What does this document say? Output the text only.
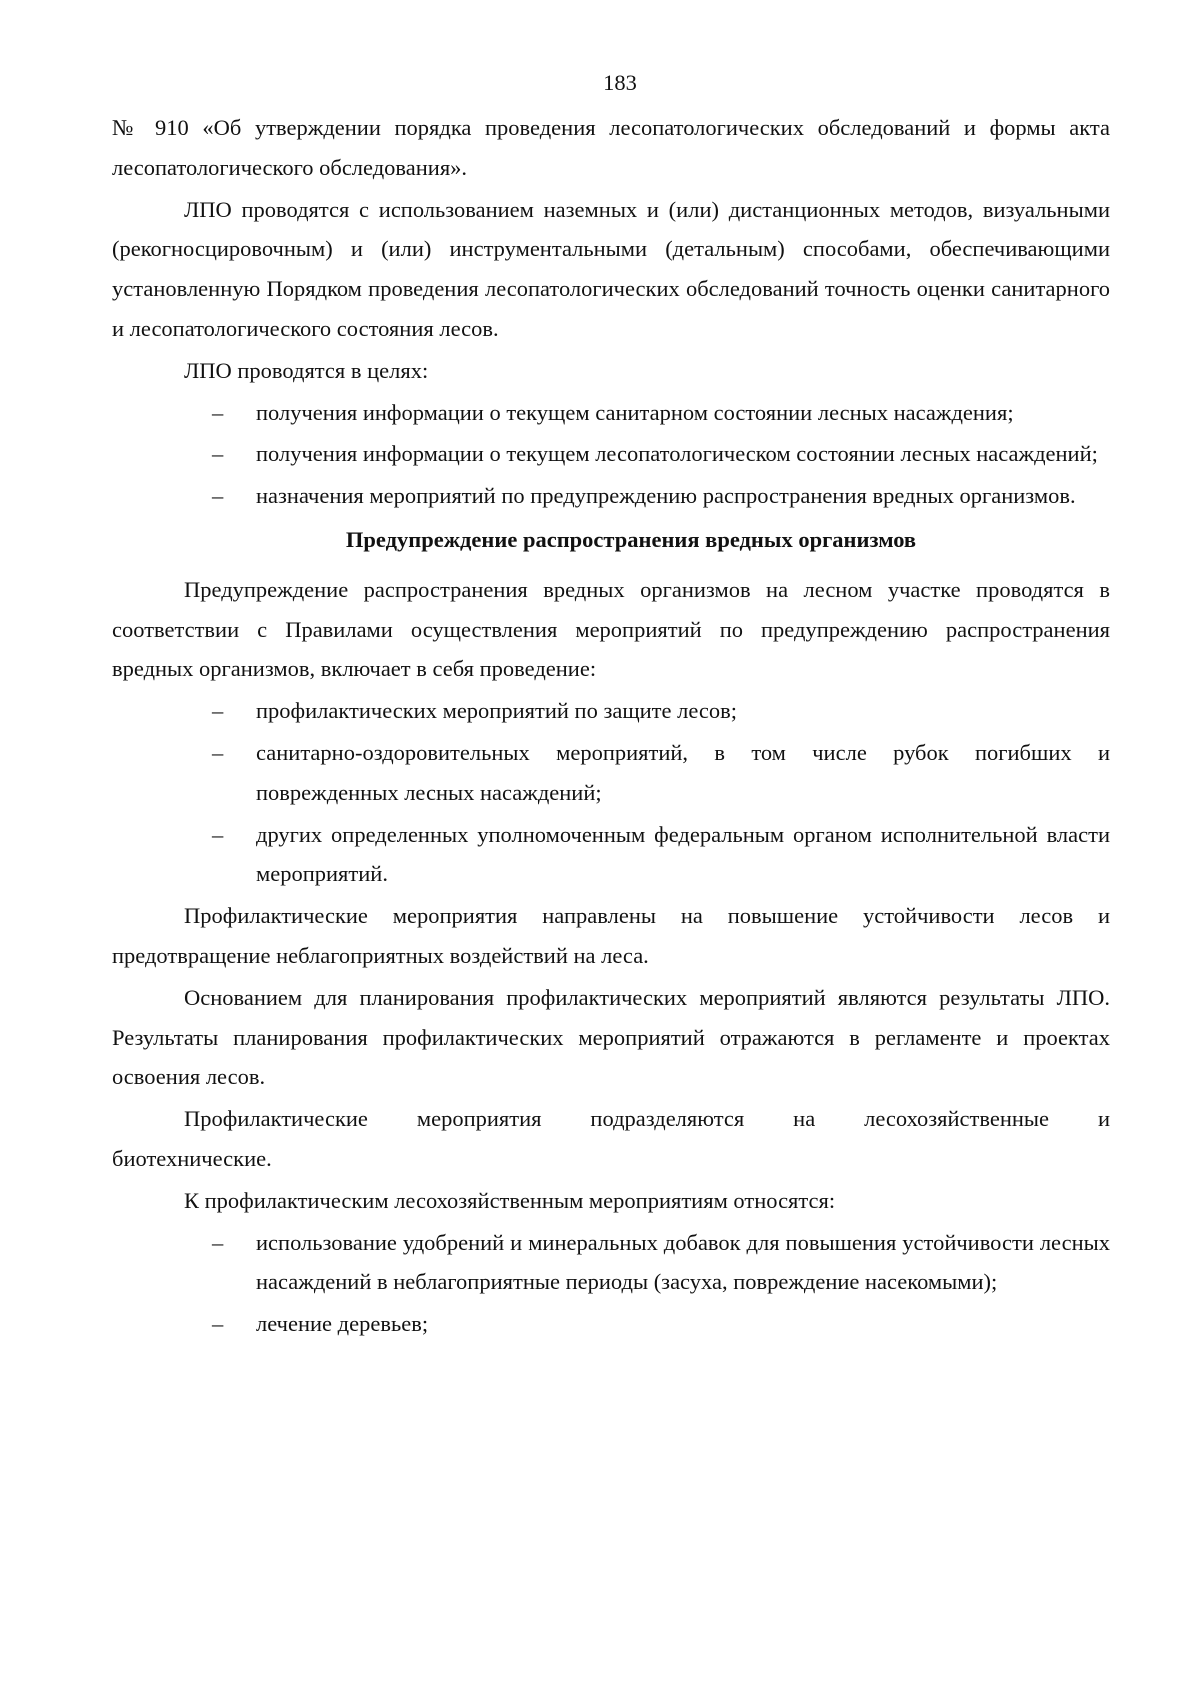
183

№ 910 «Об утверждении порядка проведения лесопатологических обследований и формы акта лесопатологического обследования».

ЛПО проводятся с использованием наземных и (или) дистанционных методов, визуальными (рекогносцировочным) и (или) инструментальными (детальным) способами, обеспечивающими установленную Порядком проведения лесопатологических обследований точность оценки санитарного и лесопатологического состояния лесов.

ЛПО проводятся в целях:

– получения информации о текущем санитарном состоянии лесных насаждения;
– получения информации о текущем лесопатологическом состоянии лесных насаждений;
– назначения мероприятий по предупреждению распространения вредных организмов.
Предупреждение распространения вредных организмов

Предупреждение распространения вредных организмов на лесном участке проводятся в соответствии с Правилами осуществления мероприятий по предупреждению распространения вредных организмов, включает в себя проведение:

– профилактических мероприятий по защите лесов;
– санитарно-оздоровительных мероприятий, в том числе рубок погибших и поврежденных лесных насаждений;
– других определенных уполномоченным федеральным органом исполнительной власти мероприятий.

Профилактические мероприятия направлены на повышение устойчивости лесов и предотвращение неблагоприятных воздействий на леса.

Основанием для планирования профилактических мероприятий являются результаты ЛПО. Результаты планирования профилактических мероприятий отражаются в регламенте и проектах освоения лесов.

Профилактические мероприятия подразделяются на лесохозяйственные и
биотехнические.

К профилактическим лесохозяйственным мероприятиям относятся:

– использование удобрений и минеральных добавок для повышения устойчивости лесных насаждений в неблагоприятные периоды (засуха, повреждение насекомыми);
– лечение деревьев;
